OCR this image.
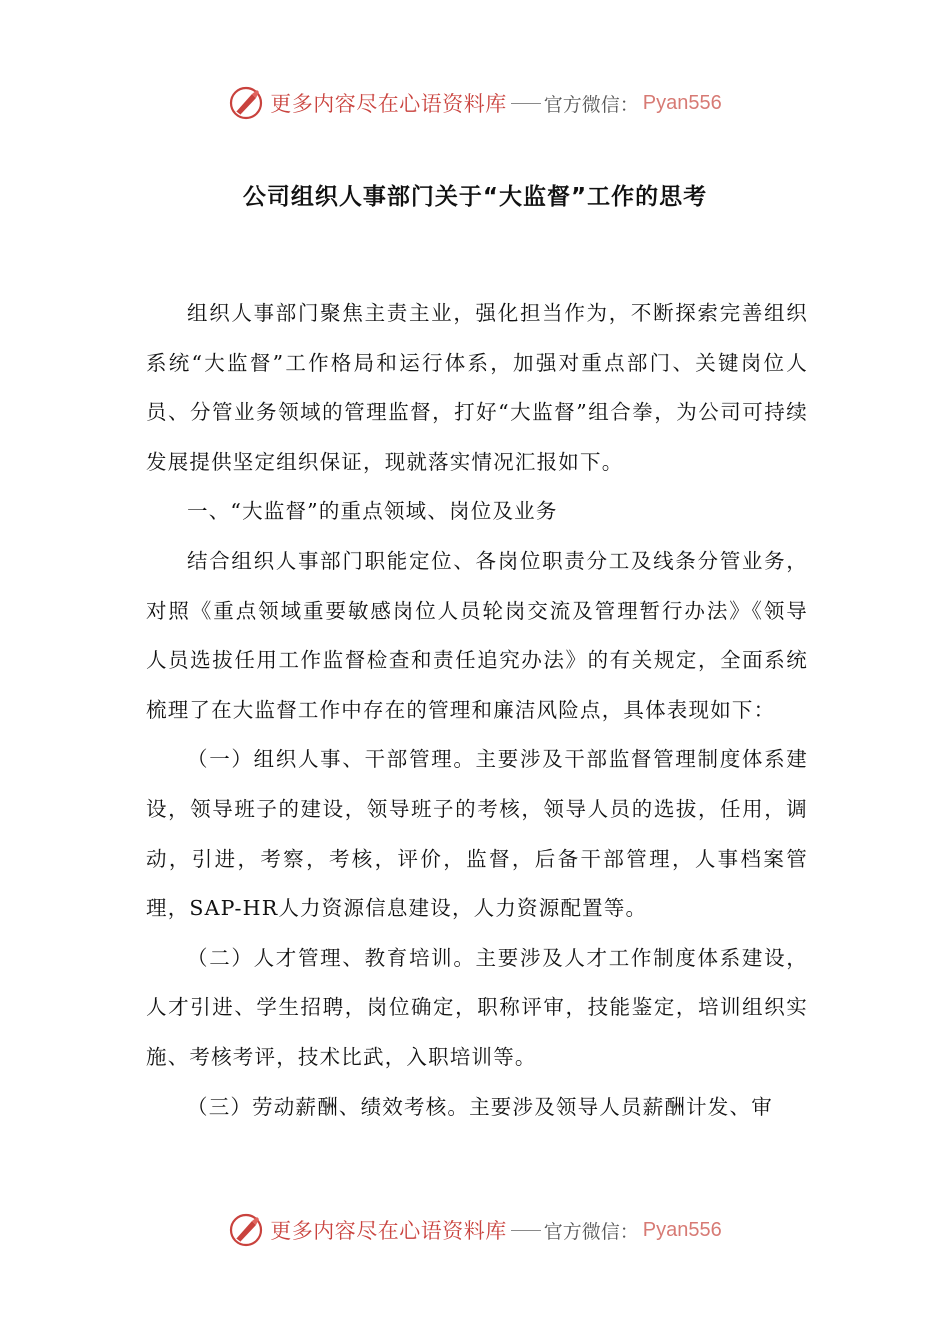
更多内容尽在心语资料库 官方微信： Pyan556
公司组织人事部门关于“大监督”工作的思考

组织人事部门聚焦主责主业，强化担当作为，不断探索完善组织系统“大监督”工作格局和运行体系，加强对重点部门、关键岗位人员、分管业务领域的管理监督，打好“大监督”组合拳，为公司可持续发展提供坚定组织保证，现就落实情况汇报如下。

一、“大监督”的重点领域、岗位及业务

结合组织人事部门职能定位、各岗位职责分工及线条分管业务，对照《重点领域重要敏感岗位人员轮岗交流及管理暂行办法》《领导人员选拔任用工作监督检查和责任追究办法》的有关规定，全面系统梳理了在大监督工作中存在的管理和廉洁风险点，具体表现如下：

（一）组织人事、干部管理。主要涉及干部监督管理制度体系建设，领导班子的建设，领导班子的考核，领导人员的选拔，任用，调动，引进，考察，考核，评价，监督，后备干部管理，人事档案管理，SAP-HR人力资源信息建设，人力资源配置等。

（二）人才管理、教育培训。主要涉及人才工作制度体系建设，人才引进、学生招聘，岗位确定，职称评审，技能鉴定，培训组织实施、考核考评，技术比武，入职培训等。

（三）劳动薪酬、绩效考核。主要涉及领导人员薪酬计发、审

更多内容尽在心语资料库 官方微信： Pyan556
